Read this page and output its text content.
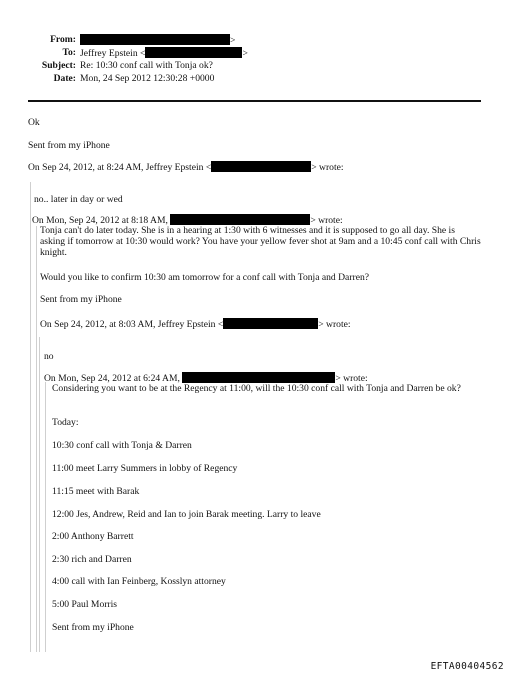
From:	>
To: Jeffrey Epstein <	>
Subject: Re: 10:30 conf call with Tonja ok?
Date: Mon, 24 Sep 2012 12:30:28 +0000
Ok
Sent from my iPhone
On Sep 24, 2012, at 8:24 AM, Jeffrey Epstein <	> wrote:
no.. later in day or wed
On Mon, Sep 24, 2012 at 8:18 AM,	> wrote:
Tonja can't do later today. She is in a hearing at 1:30 with 6 witnesses and it is supposed to go all day. She is asking if tomorrow at 10:30 would work? You have your yellow fever shot at 9am and a 10:45 conf call with Chris knight.
Would you like to confirm 10:30 am tomorrow for a conf call with Tonja and Darren?
Sent from my iPhone
On Sep 24, 2012, at 8:03 AM, Jeffrey Epstein <	> wrote:
no
On Mon, Sep 24, 2012 at 6:24 AM,	> wrote:
Considering you want to be at the Regency at 11:00, will the 10:30 conf call with Tonja and Darren be ok?
Today:
10:30 conf call with Tonja & Darren
11:00 meet Larry Summers in lobby of Regency
11:15 meet with Barak
12:00 Jes, Andrew, Reid and Ian to join Barak meeting. Larry to leave
2:00 Anthony Barrett
2:30 rich and Darren
4:00 call with Ian Feinberg, Kosslyn attorney
5:00 Paul Morris
Sent from my iPhone
EFTA00404562
